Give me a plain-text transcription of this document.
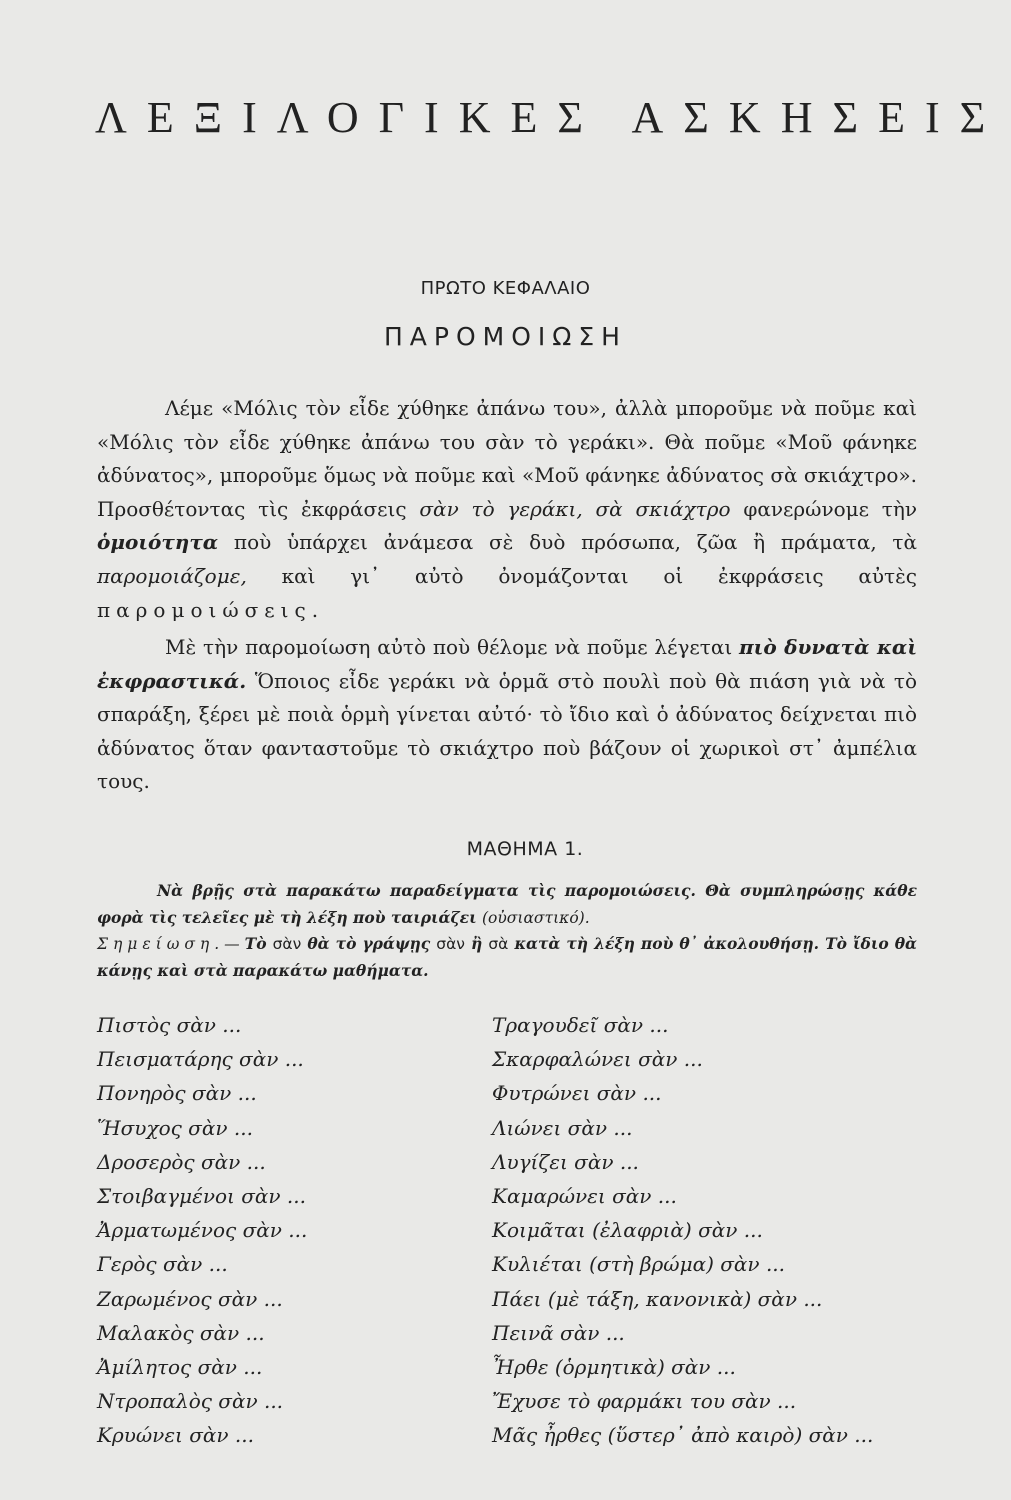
ΛΕΞΙΛΟΓΙΚΕΣ ΑΣΚΗΣΕΙΣ
ΠΡΩΤΟ ΚΕΦΑΛΑΙΟ
ΠΑΡΟΜΟΙΩΣΗ

Λέμε «Μόλις τὸν εἶδε χύθηκε ἀπάνω του», ἀλλὰ μποροῦμε νὰ ποῦμε καὶ «Μόλις τὸν εἶδε χύθηκε ἀπάνω του σὰν τὸ γεράκι». Θὰ ποῦμε «Μοῦ φάνηκε ἀδύνατος», μποροῦμε ὅμως νὰ ποῦμε καὶ «Μοῦ φάνηκε ἀδύνατος σὰ σκιάχτρο». Προσθέτοντας τὶς ἐκφράσεις σὰν τὸ γεράκι, σὰ σκιάχτρο φανερώνομε τὴν ὁμοιότητα ποὺ ὑπάρχει ἀνάμεσα σὲ δυὸ πρόσωπα, ζῶα ἢ πράματα, τὰ παρομοιάζομε, καὶ γι᾽ αὐτὸ ὀνομάζονται οἱ ἐκφράσεις αὐτὲς παρομοιώσεις.

Μὲ τὴν παρομοίωση αὐτὸ ποὺ θέλομε νὰ ποῦμε λέγεται πιὸ δυνατὰ καὶ ἐκφραστικά. Ὅποιος εἶδε γεράκι νὰ ὁρμᾶ στὸ πουλὶ ποὺ θὰ πιάση γιὰ νὰ τὸ σπαράξη, ξέρει μὲ ποιὰ ὁρμὴ γίνεται αὐτό· τὸ ἴδιο καὶ ὁ ἀδύνατος δείχνεται πιὸ ἀδύνατος ὅταν φανταστοῦμε τὸ σκιάχτρο ποὺ βάζουν οἱ χωρικοὶ στ᾽ ἀμπέλια τους.

ΜΑΘΗΜΑ 1.

Νὰ βρῇς στὰ παρακάτω παραδείγματα τὶς παρομοιώσεις. Θὰ συμπληρώσῃς κάθε φορὰ τὶς τελεῖες μὲ τὴ λέξη ποὺ ταιριάζει (οὐσιαστικό).
Σημείωση.—Τὸ σὰν θὰ τὸ γράψῃς σὰν ἢ σὰ κατὰ τὴ λέξη ποὺ θ᾽ ἀκολουθήσῃ. Τὸ ἴδιο θὰ κάνῃς καὶ στὰ παρακάτω μαθήματα.

Πιστὸς σὰν ...
Πεισματάρης σὰν ...
Πονηρὸς σὰν ...
Ἥσυχος σὰν ...
Δροσερὸς σὰν ...
Στοιβαγμένοι σὰν ...
Ἀρματωμένος σὰν ...
Γερὸς σὰν ...
Ζαρωμένος σὰν ...
Μαλακὸς σὰν ...
Ἀμίλητος σὰν ...
Ντροπαλὸς σὰν ...
Κρυώνει σὰν ...
Τραγουδεῖ σὰν ...
Σκαρφαλώνει σὰν ...
Φυτρώνει σὰν ...
Λιώνει σὰν ...
Λυγίζει σὰν ...
Καμαρώνει σὰν ...
Κοιμᾶται (ἐλαφριὰ) σὰν ...
Κυλιέται (στὴ βρώμα) σὰν ...
Πάει (μὲ τάξη, κανονικὰ) σὰν ...
Πεινᾶ σὰν ...
Ἦρθε (ὁρμητικὰ) σὰν ...
Ἔχυσε τὸ φαρμάκι του σὰν ...
Μᾶς ἦρθες (ὕστερ᾽ ἀπὸ καιρὸ) σὰν ...
